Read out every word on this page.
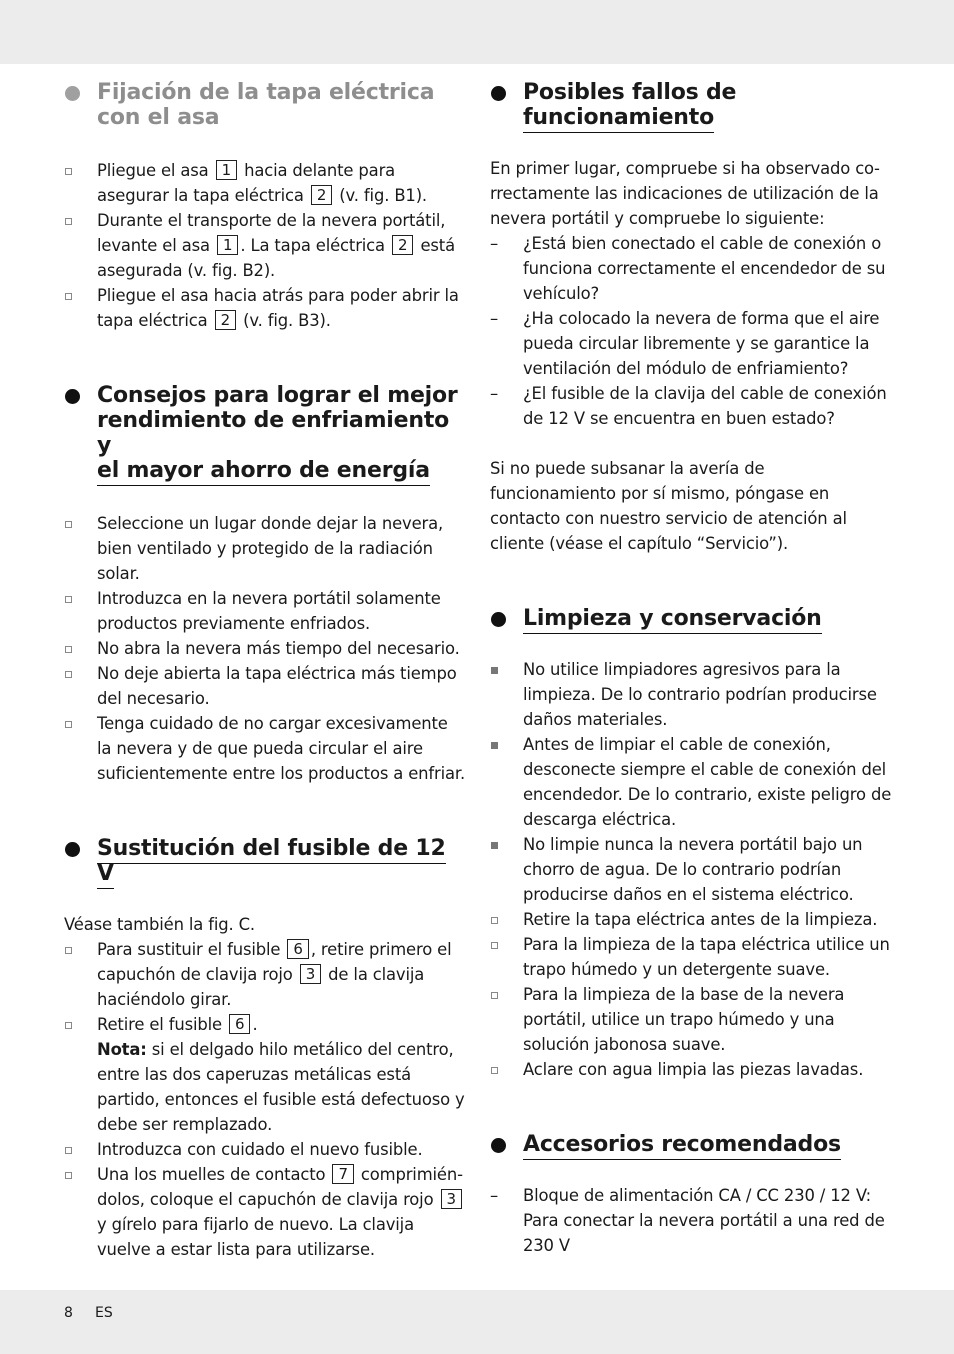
Fijación de la tapa eléctrica
con el asa
Pliegue el asa 1 hacia delante para asegurar la tapa eléctrica 2 (v. fig. B1).
Durante el transporte de la nevera portátil, levante el asa 1 . La tapa eléctrica 2 está asegurada (v. fig. B2).
Pliegue el asa hacia atrás para poder abrir la tapa eléctrica 2 (v. fig. B3).
Consejos para lograr el mejor
rendimiento de enfriamiento y
el mayor ahorro de energía
Seleccione un lugar donde dejar la nevera, bien ventilado y protegido de la radiación solar.
Introduzca en la nevera portátil solamente productos previamente enfriados.
No abra la nevera más tiempo del necesario.
No deje abierta la tapa eléctrica más tiempo del necesario.
Tenga cuidado de no cargar excesivamente la nevera y de que pueda circular el aire suficientemente entre los productos a enfriar.
Sustitución del fusible de 12 V

Véase también la fig. C.

Para sustituir el fusible 6 , retire primero el capuchón de clavija rojo 3 de la clavija haciéndolo girar.
Retire el fusible 6 .
Nota: si el delgado hilo metálico del centro, entre las dos caperuzas metálicas está partido, entonces el fusible está defectuoso y debe ser remplazado.
Introduzca con cuidado el nuevo fusible.
Una los muelles de contacto 7 comprimiéndolos, coloque el capuchón de clavija rojo 3 y gírelo para fijarlo de nuevo. La clavija vuelve a estar lista para utilizarse.
Posibles fallos de
funcionamiento

En primer lugar, compruebe si ha observado correctamente las indicaciones de utilización de la nevera portátil y compruebe lo siguiente:

– ¿Está bien conectado el cable de conexión o funciona correctamente el encendedor de su vehículo?
– ¿Ha colocado la nevera de forma que el aire pueda circular libremente y se garantice la ventilación del módulo de enfriamiento?
– ¿El fusible de la clavija del cable de conexión de 12 V se encuentra en buen estado?

Si no puede subsanar la avería de funcionamiento por sí mismo, póngase en contacto con nuestro servicio de atención al cliente (véase el capítulo “Servicio”).

Limpieza y conservación
No utilice limpiadores agresivos para la limpieza. De lo contrario podrían producirse daños materiales.
Antes de limpiar el cable de conexión, desconecte siempre el cable de conexión del encendedor. De lo contrario, existe peligro de descarga eléctrica.
No limpie nunca la nevera portátil bajo un chorro de agua. De lo contrario podrían producirse daños en el sistema eléctrico.
Retire la tapa eléctrica antes de la limpieza.
Para la limpieza de la tapa eléctrica utilice un trapo húmedo y un detergente suave.
Para la limpieza de la base de la nevera portátil, utilice un trapo húmedo y una solución jabonosa suave.
Aclare con agua limpia las piezas lavadas.
Accesorios recomendados
– Bloque de alimentación CA / CC 230 / 12 V: Para conectar la nevera portátil a una red de 230 V
8 ES
